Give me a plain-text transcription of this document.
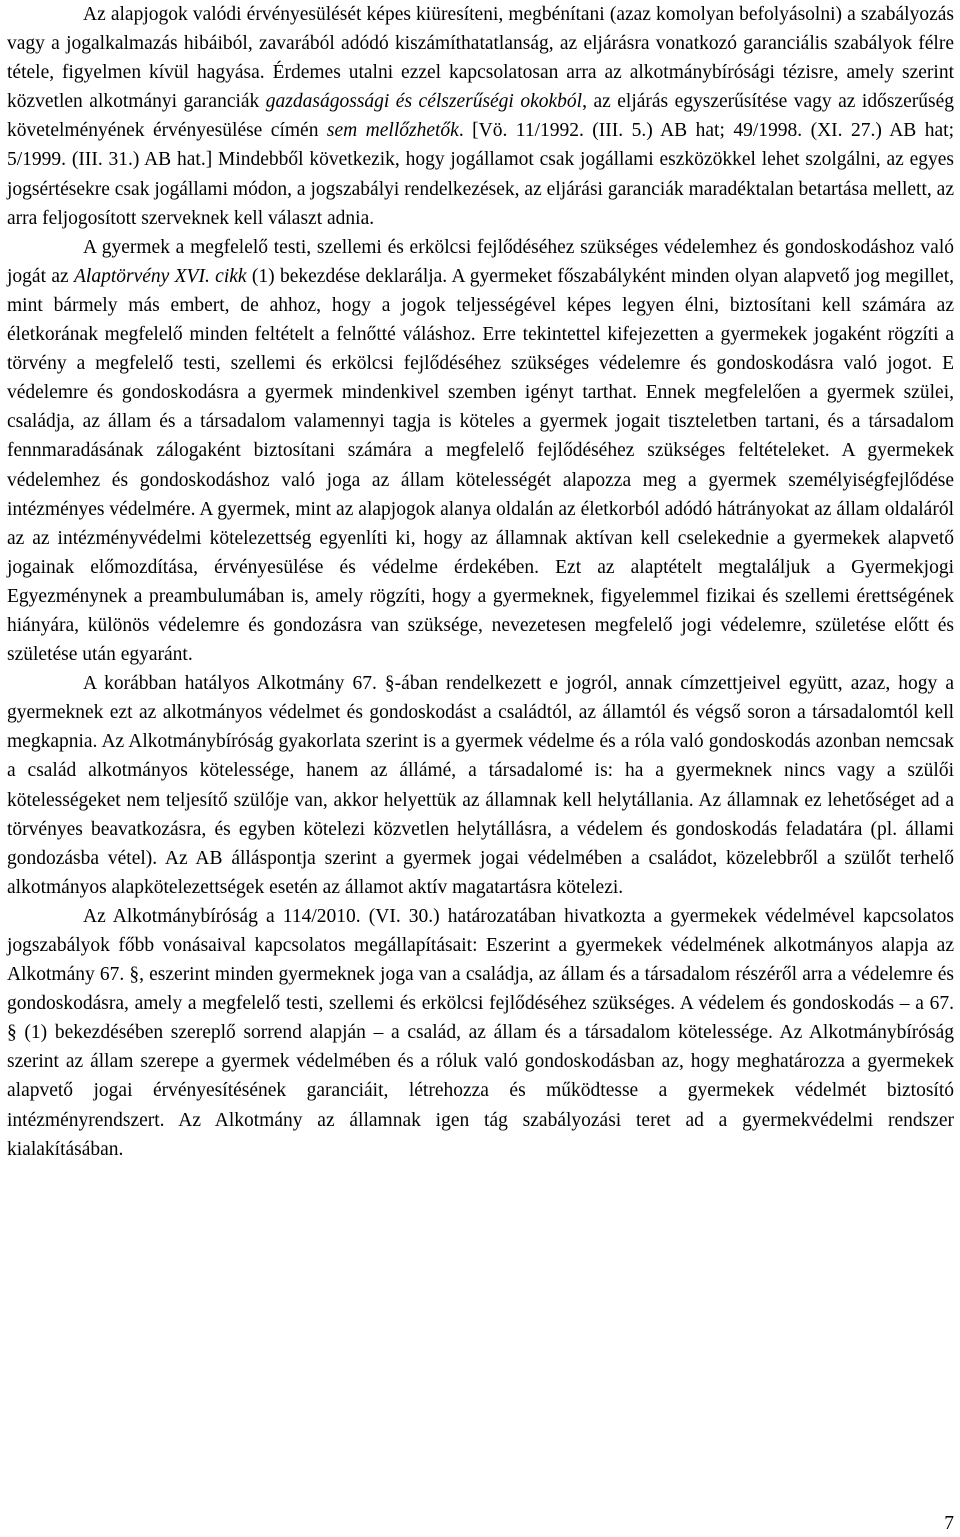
Az alapjogok valódi érvényesülését képes kiüresíteni, megbénítani (azaz komolyan befolyásolni) a szabályozás vagy a jogalkalmazás hibáiból, zavarából adódó kiszámíthatatlanság, az eljárásra vonatkozó garanciális szabályok félre tétele, figyelmen kívül hagyása. Érdemes utalni ezzel kapcsolatosan arra az alkotmánybírósági tézisre, amely szerint közvetlen alkotmányi garanciák gazdaságossági és célszerűségi okokból, az eljárás egyszerűsítése vagy az időszerűség követelményének érvényesülése címén sem mellőzhetők. [Vö. 11/1992. (III. 5.) AB hat; 49/1998. (XI. 27.) AB hat; 5/1999. (III. 31.) AB hat.] Mindebből következik, hogy jogállamot csak jogállami eszközökkel lehet szolgálni, az egyes jogsértésekre csak jogállami módon, a jogszabályi rendelkezések, az eljárási garanciák maradéktalan betartása mellett, az arra feljogosított szerveknek kell választ adnia.

A gyermek a megfelelő testi, szellemi és erkölcsi fejlődéséhez szükséges védelemhez és gondoskodáshoz való jogát az Alaptörvény XVI. cikk (1) bekezdése deklarálja. A gyermeket főszabályként minden olyan alapvető jog megillet, mint bármely más embert, de ahhoz, hogy a jogok teljességével képes legyen élni, biztosítani kell számára az életkorának megfelelő minden feltételt a felnőtté váláshoz. Erre tekintettel kifejezetten a gyermekek jogaként rögzíti a törvény a megfelelő testi, szellemi és erkölcsi fejlődéséhez szükséges védelemre és gondoskodásra való jogot. E védelemre és gondoskodásra a gyermek mindenkivel szemben igényt tarthat. Ennek megfelelően a gyermek szülei, családja, az állam és a társadalom valamennyi tagja is köteles a gyermek jogait tiszteletben tartani, és a társadalom fennmaradásának zálogaként biztosítani számára a megfelelő fejlődéséhez szükséges feltételeket. A gyermekek védelemhez és gondoskodáshoz való joga az állam kötelességét alapozza meg a gyermek személyiségfejlődése intézményes védelmére. A gyermek, mint az alapjogok alanya oldalán az életkorból adódó hátrányokat az állam oldaláról az az intézményvédelmi kötelezettség egyenlíti ki, hogy az államnak aktívan kell cselekednie a gyermekek alapvető jogainak előmozdítása, érvényesülése és védelme érdekében. Ezt az alaptételt megtaláljuk a Gyermekjogi Egyezménynek a preambulumában is, amely rögzíti, hogy a gyermeknek, figyelemmel fizikai és szellemi érettségének hiányára, különös védelemre és gondozásra van szüksége, nevezetesen megfelelő jogi védelemre, születése előtt és születése után egyaránt.

A korábban hatályos Alkotmány 67. §-ában rendelkezett e jogról, annak címzettjeivel együtt, azaz, hogy a gyermeknek ezt az alkotmányos védelmet és gondoskodást a családtól, az államtól és végső soron a társadalomtól kell megkapnia. Az Alkotmánybíróság gyakorlata szerint is a gyermek védelme és a róla való gondoskodás azonban nemcsak a család alkotmányos kötelessége, hanem az állámé, a társadalomé is: ha a gyermeknek nincs vagy a szülői kötelességeket nem teljesítő szülője van, akkor helyettük az államnak kell helytállania. Az államnak ez lehetőséget ad a törvényes beavatkozásra, és egyben kötelezi közvetlen helytállásra, a védelem és gondoskodás feladatára (pl. állami gondozásba vétel). Az AB álláspontja szerint a gyermek jogai védelmében a családot, közelebbről a szülőt terhelő alkotmányos alapkötelezettségek esetén az államot aktív magatartásra kötelezi.

Az Alkotmánybíróság a 114/2010. (VI. 30.) határozatában hivatkozta a gyermekek védelmével kapcsolatos jogszabályok főbb vonásaival kapcsolatos megállapításait: Eszerint a gyermekek védelmének alkotmányos alapja az Alkotmány 67. §, eszerint minden gyermeknek joga van a családja, az állam és a társadalom részéről arra a védelemre és gondoskodásra, amely a megfelelő testi, szellemi és erkölcsi fejlődéséhez szükséges. A védelem és gondoskodás – a 67. § (1) bekezdésében szereplő sorrend alapján – a család, az állam és a társadalom kötelessége. Az Alkotmánybíróság szerint az állam szerepe a gyermek védelmében és a róluk való gondoskodásban az, hogy meghatározza a gyermekek alapvető jogai érvényesítésének garanciáit, létrehozza és működtesse a gyermekek védelmét biztosító intézményrendszert. Az Alkotmány az államnak igen tág szabályozási teret ad a gyermekvédelmi rendszer kialakításában.

7
